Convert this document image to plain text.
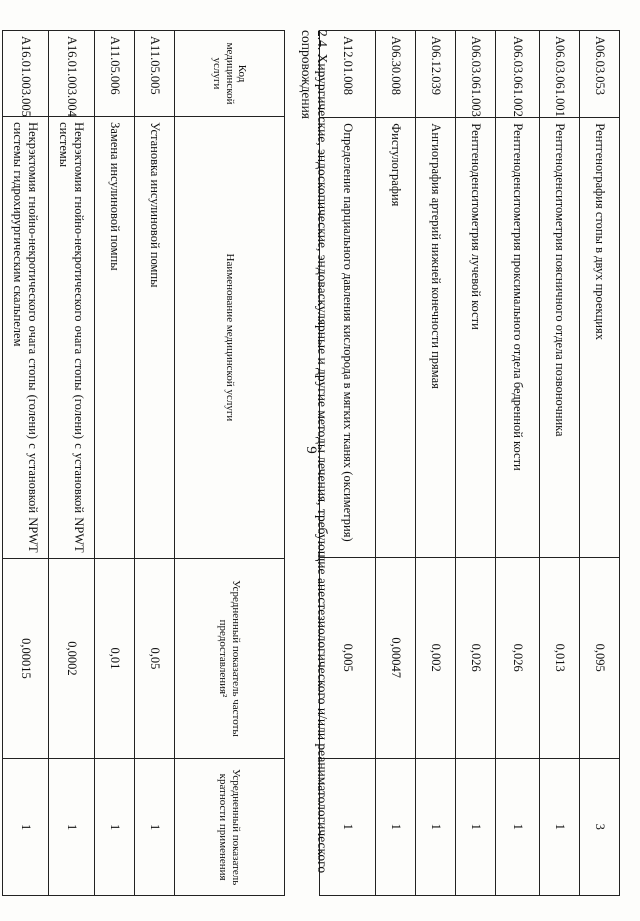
9
A06.03.053	Рентгенография стопы в двух проекциях	0,095	3
A06.03.061.001	Рентгеноденситометрия поясничного отдела позвоночника	0,013	1
A06.03.061.002	Рентгеноденситометрия проксимального отдела бедренной кости	0,026	1
A06.03.061.003	Рентгеноденситометрия лучевой кости	0,026	1
A06.12.039	Ангиография артерий нижней конечности прямая	0,002	1
A06.30.008	Фистулография	0,00047	1
A12.01.008	Определение парциального давления кислорода в мягких тканях (оксиметрия)	0,005	1
2.4. Хирургические, эндоскопические, эндоваскулярные и другие методы лечения, требующие анестезиологического и/или реаниматологического сопровождения
Код медицинской услуги	Наименование медицинской услуги	Усредненный показатель частоты предоставления²	Усредненный показатель кратности применения
A11.05.005	Установка инсулиновой помпы	0,05	1
A11.05.006	Замена инсулиновой помпы	0,01	1
A16.01.003.004	Некрэктомия гнойно-некротического очага стопы (голени) с установкой NPWT системы	0,0002	1
A16.01.003.005	Некрэктомия гнойно-некротического очага стопы (голени) с установкой NPWT системы гидрохирургическим скальпелем	0,00015	1
